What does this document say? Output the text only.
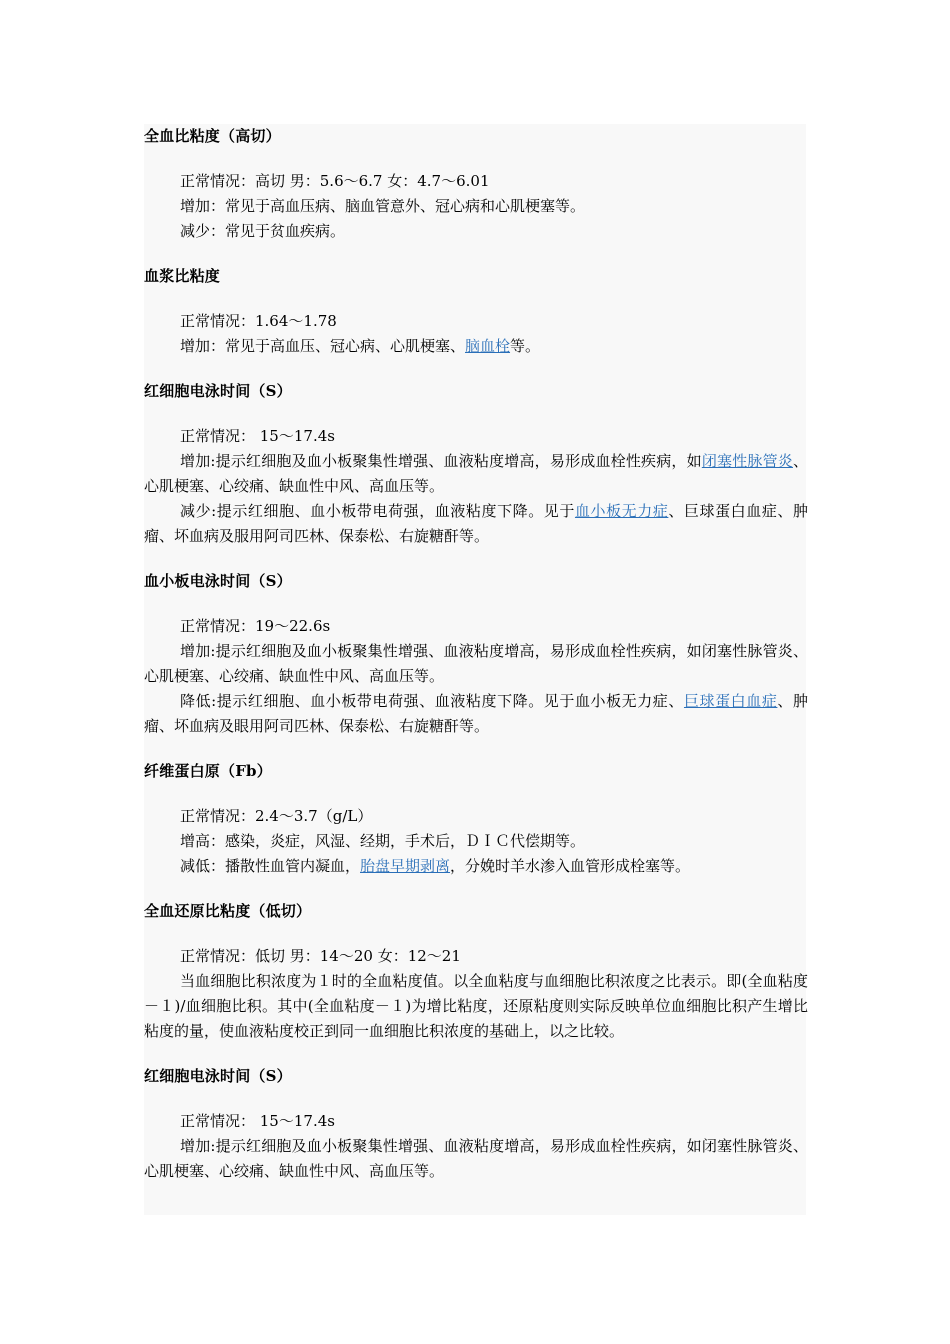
全血比粘度（高切）

正常情况：高切 男：5.6～6.7 女：4.7～6.01

增加：常见于高血压病、脑血管意外、冠心病和心肌梗塞等。

减少：常见于贫血疾病。

血浆比粘度

正常情况：1.64～1.78

增加：常见于高血压、冠心病、心肌梗塞、脑血栓等。

红细胞电泳时间（S）

正常情况： 15～17.4s

增加:提示红细胞及血小板聚集性增强、血液粘度增高，易形成血栓性疾病，如闭塞性脉管炎、心肌梗塞、心绞痛、缺血性中风、高血压等。

减少:提示红细胞、血小板带电荷强，血液粘度下降。见于血小板无力症、巨球蛋白血症、肿瘤、坏血病及服用阿司匹林、保泰松、右旋糖酐等。

血小板电泳时间（S）

正常情况：19～22.6s

增加:提示红细胞及血小板聚集性增强、血液粘度增高，易形成血栓性疾病，如闭塞性脉管炎、心肌梗塞、心绞痛、缺血性中风、高血压等。

降低:提示红细胞、血小板带电荷强、血液粘度下降。见于血小板无力症、巨球蛋白血症、肿瘤、坏血病及眼用阿司匹林、保泰松、右旋糖酐等。

纤维蛋白原（Fb）

正常情况：2.4～3.7（g/L）

增高：感染，炎症，风湿、经期，手术后，ＤＩＣ代偿期等。

减低：播散性血管内凝血，胎盘早期剥离，分娩时羊水渗入血管形成栓塞等。

全血还原比粘度（低切）

正常情况：低切 男：14～20 女：12～21

当血细胞比积浓度为１时的全血粘度值。以全血粘度与血细胞比积浓度之比表示。即(全血粘度－１)/血细胞比积。其中(全血粘度－１)为增比粘度，还原粘度则实际反映单位血细胞比积产生增比粘度的量，使血液粘度校正到同一血细胞比积浓度的基础上，以之比较。

红细胞电泳时间（S）

正常情况： 15～17.4s

增加:提示红细胞及血小板聚集性增强、血液粘度增高，易形成血栓性疾病，如闭塞性脉管炎、心肌梗塞、心绞痛、缺血性中风、高血压等。
